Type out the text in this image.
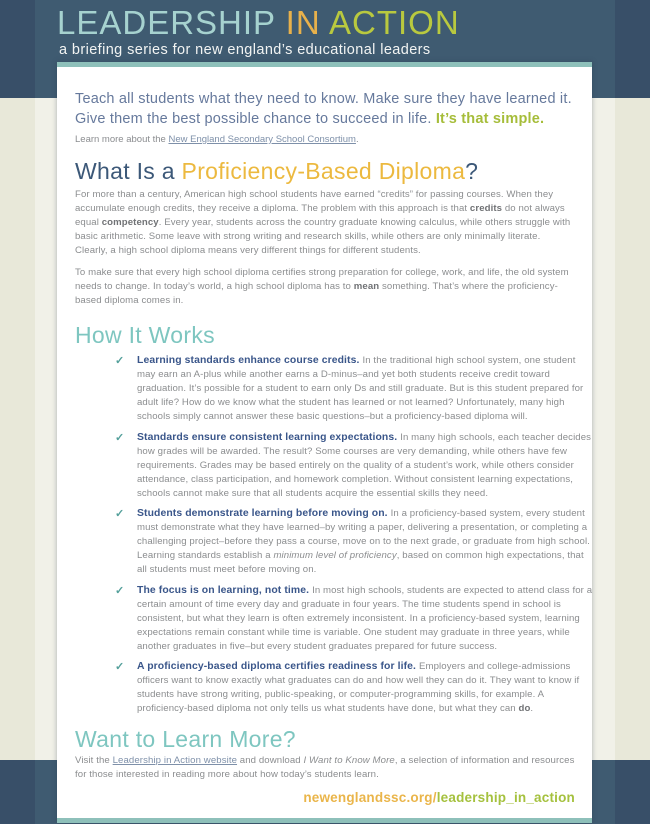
LEADERSHIP IN ACTION

a briefing series for new england’s educational leaders

Teach all students what they need to know. Make sure they have learned it. Give them the best possible chance to succeed in life. It’s that simple.

Learn more about the New England Secondary School Consortium.

What Is a Proficiency-Based Diploma?

For more than a century, American high school students have earned “credits” for passing courses. When they accumulate enough credits, they receive a diploma. The problem with this approach is that credits do not always equal competency. Every year, students across the country graduate knowing calculus, while others struggle with basic arithmetic. Some leave with strong writing and research skills, while others are only minimally literate. Clearly, a high school diploma means very different things for different students.

To make sure that every high school diploma certifies strong preparation for college, work, and life, the old system needs to change. In today’s world, a high school diploma has to mean something. That’s where the proficiency-based diploma comes in.

How It Works
✓ Learning standards enhance course credits. In the traditional high school system, one student may earn an A-plus while another earns a D-minus–and yet both students receive credit toward graduation. It’s possible for a student to earn only Ds and still graduate. But is this student prepared for adult life? How do we know what the student has learned or not learned? Unfortunately, many high schools simply cannot answer these basic questions–but a proficiency-based diploma will.
✓ Standards ensure consistent learning expectations. In many high schools, each teacher decides how grades will be awarded. The result? Some courses are very demanding, while others have few requirements. Grades may be based entirely on the quality of a student’s work, while others consider attendance, class participation, and homework completion. Without consistent learning expectations, schools cannot make sure that all students acquire the essential skills they need.
✓ Students demonstrate learning before moving on. In a proficiency-based system, every student must demonstrate what they have learned–by writing a paper, delivering a presentation, or completing a challenging project–before they pass a course, move on to the next grade, or graduate from high school. Learning standards establish a minimum level of proficiency, based on common high expectations, that all students must meet before moving on.
✓ The focus is on learning, not time. In most high schools, students are expected to attend class for a certain amount of time every day and graduate in four years. The time students spend in school is consistent, but what they learn is often extremely inconsistent. In a proficiency-based system, learning expectations remain constant while time is variable. One student may graduate in three years, while another graduates in five–but every student graduates prepared for future success.
✓ A proficiency-based diploma certifies readiness for life. Employers and college-admissions officers want to know exactly what graduates can do and how well they can do it. They want to know if students have strong writing, public-speaking, or computer-programming skills, for example. A proficiency-based diploma not only tells us what students have done, but what they can do.
Want to Learn More?

Visit the Leadership in Action website and download I Want to Know More, a selection of information and resources for those interested in reading more about how today’s students learn.

newenglandssc.org/leadership_in_action
